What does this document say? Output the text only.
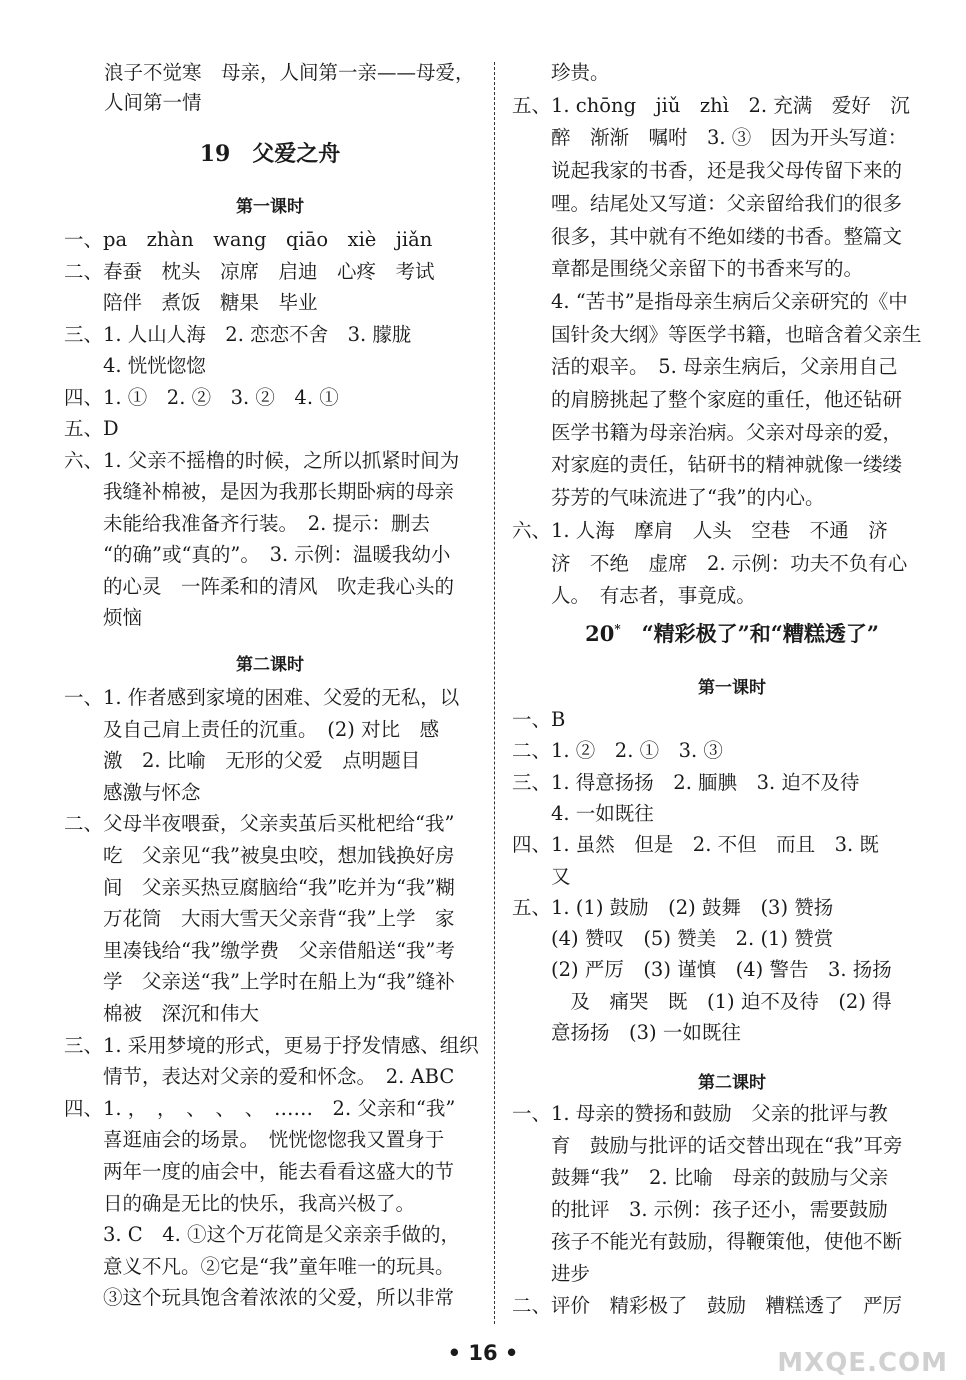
浪子不觉寒　母亲，人间第一亲——母爱，
人间第一情
19　父爱之舟
第一课时
一、pa　zhàn　wang　qiāo　xiè　jiǎn
二、春蚕　枕头　凉席　启迪　心疼　考试
　　陪伴　煮饭　糖果　毕业
三、1. 人山人海　2. 恋恋不舍　3. 朦胧
　　4. 恍恍惚惚
四、1. ①　2. ②　3. ②　4. ①
五、D
六、1. 父亲不摇橹的时候，之所以抓紧时间为
　　我缝补棉被，是因为我那长期卧病的母亲
　　未能给我准备齐行装。　2. 提示：删去
　　“的确”或“真的”。　3. 示例：温暖我幼小
　　的心灵　一阵柔和的清风　吹走我心头的
　　烦恼
第二课时
一、1. 作者感到家境的困难、父爱的无私，以
　　及自己肩上责任的沉重。　(2) 对比　感
　　激　2. 比喻　无形的父爱　点明题目
　　感激与怀念
二、父母半夜喂蚕，父亲卖茧后买枇杷给“我”
　　吃　父亲见“我”被臭虫咬，想加钱换好房
　　间　父亲买热豆腐脑给“我”吃并为“我”糊
　　万花筒　大雨大雪天父亲背“我”上学　家
　　里凑钱给“我”缴学费　父亲借船送“我”考
　　学　父亲送“我”上学时在船上为“我”缝补
　　棉被　深沉和伟大
三、1. 采用梦境的形式，更易于抒发情感、组织
　　情节，表达对父亲的爱和怀念。　2. ABC
四、1. ，　，　、　、　、　……　2. 父亲和“我”
　　喜逛庙会的场景。　恍恍惚惚我又置身于
　　两年一度的庙会中，能去看看这盛大的节
　　日的确是无比的快乐，我高兴极了。
　　3. C　4. ①这个万花筒是父亲亲手做的，
　　意义不凡。②它是“我”童年唯一的玩具。
　　③这个玩具饱含着浓浓的父爱，所以非常
　　珍贵。
五、1. chōng　jiǔ　zhì　2. 充满　爱好　沉
　　醉　渐渐　嘱咐　3. ③　因为开头写道：
　　说起我家的书香，还是我父母传留下来的
　　哩。结尾处又写道：父亲留给我们的很多
　　很多，其中就有不绝如缕的书香。整篇文
　　章都是围绕父亲留下的书香来写的。
　　4. “苦书”是指母亲生病后父亲研究的《中
　　国针灸大纲》等医学书籍，也暗含着父亲生
　　活的艰辛。　5. 母亲生病后，父亲用自己
　　的肩膀挑起了整个家庭的重任，他还钻研
　　医学书籍为母亲治病。父亲对母亲的爱，
　　对家庭的责任，钻研书的精神就像一缕缕
　　芬芳的气味流进了“我”的内心。
六、1. 人海　摩肩　人头　空巷　不通　济
　　济　不绝　虚席　2. 示例：功夫不负有心
　　人。　有志者，事竟成。
20*　 “精彩极了”和“糟糕透了”
第一课时
一、B
二、1. ②　2. ①　3. ③
三、1. 得意扬扬　2. 腼腆　3. 迫不及待
　　4. 一如既往
四、1. 虽然　但是　2. 不但　而且　3. 既
　　又
五、1. (1) 鼓励　(2) 鼓舞　(3) 赞扬
　　(4) 赞叹　(5) 赞美　2. (1) 赞赏
　　(2) 严厉　(3) 谨慎　(4) 警告　3. 扬扬
　　　及　痛哭　既　(1) 迫不及待　(2) 得
　　意扬扬　(3) 一如既往
第二课时
一、1. 母亲的赞扬和鼓励　父亲的批评与教
　　育　鼓励与批评的话交替出现在“我”耳旁
　　鼓舞“我”　2. 比喻　母亲的鼓励与父亲
　　的批评　3. 示例：孩子还小，需要鼓励
　　孩子不能光有鼓励，得鞭策他，使他不断
　　进步
二、评价　精彩极了　鼓励　糟糕透了　严厉
MXQE.COM
• 16 •
